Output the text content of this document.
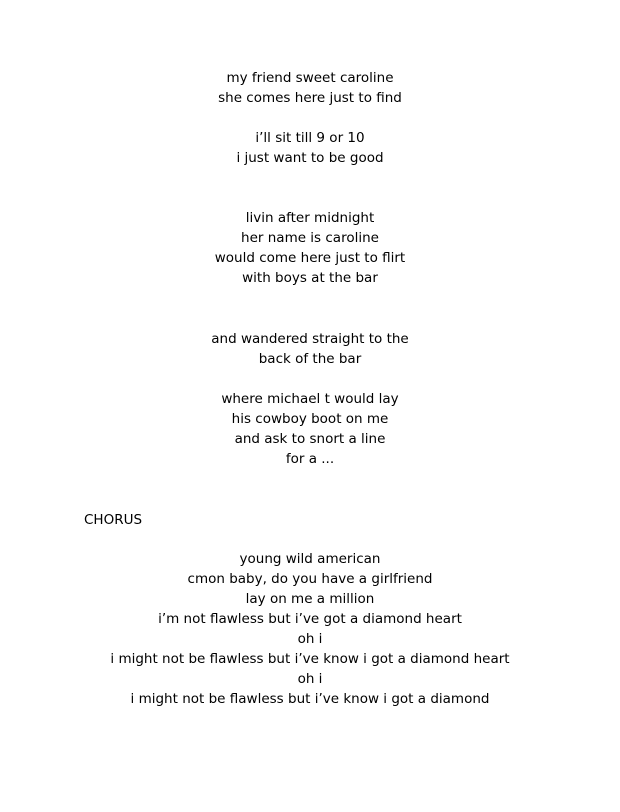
my friend sweet caroline
she comes here just to find
i’ll sit till 9 or 10
i just want to be good
livin after midnight
her name is caroline
would come here just to flirt
with boys at the bar
and wandered straight to the
back of the bar
where michael t would lay
his cowboy boot on me
and ask to snort a line
for a ...
CHORUS
young wild american
cmon baby, do you have a girlfriend
lay on me a million
i’m not flawless but i’ve got a diamond heart
oh i
i might not be flawless but i’ve know i got a diamond heart
oh i
i might not be flawless but i’ve know i got a diamond
